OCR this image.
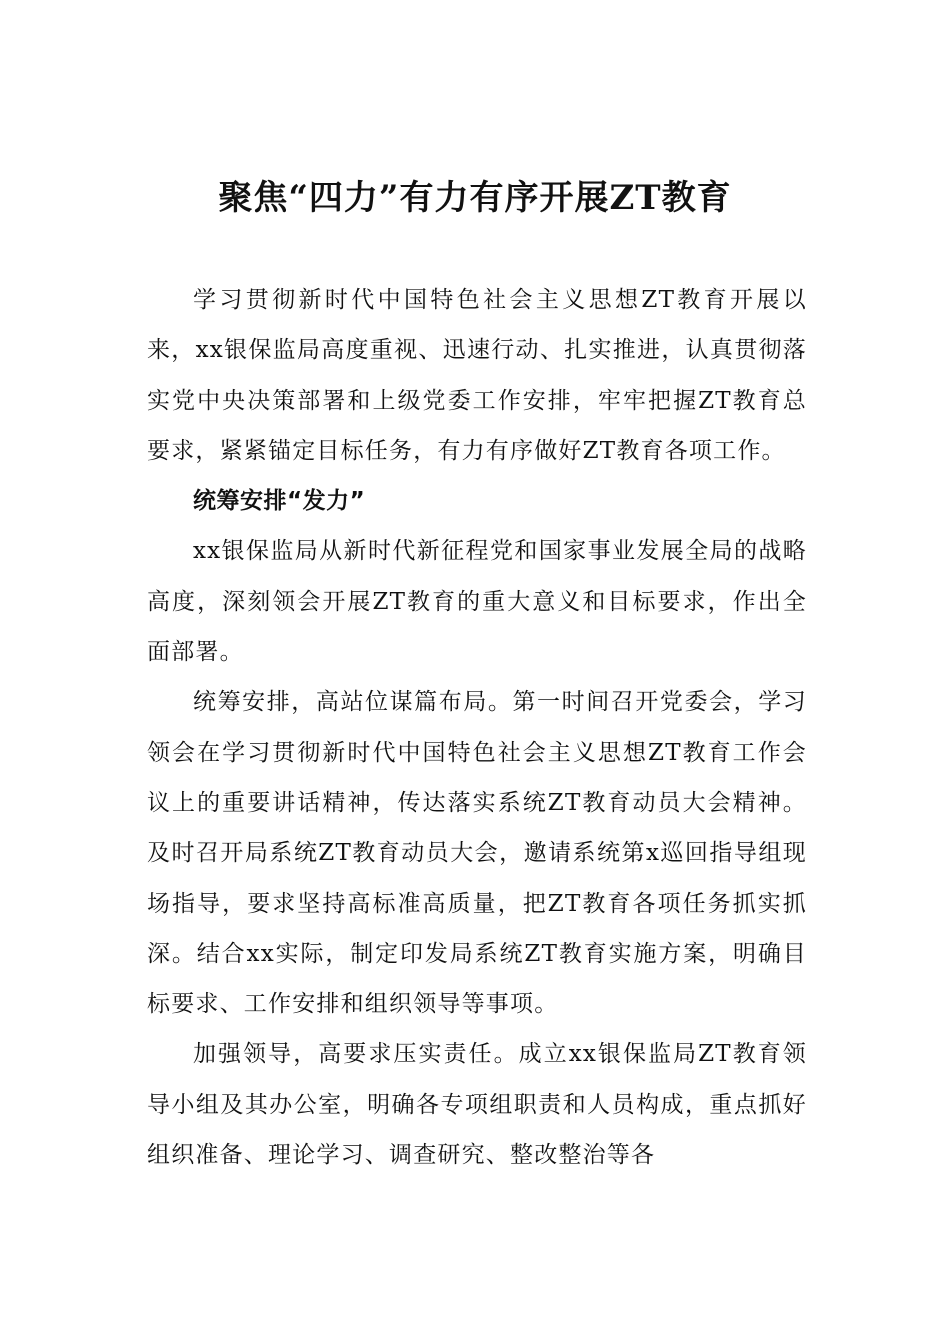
聚焦“四力”有力有序开展ZT教育

学习贯彻新时代中国特色社会主义思想ZT教育开展以来，xx银保监局高度重视、迅速行动、扎实推进，认真贯彻落实党中央决策部署和上级党委工作安排，牢牢把握ZT教育总要求，紧紧锚定目标任务，有力有序做好ZT教育各项工作。

统筹安排“发力”

xx银保监局从新时代新征程党和国家事业发展全局的战略高度，深刻领会开展ZT教育的重大意义和目标要求，作出全面部署。

统筹安排，高站位谋篇布局。第一时间召开党委会，学习领会在学习贯彻新时代中国特色社会主义思想ZT教育工作会议上的重要讲话精神，传达落实系统ZT教育动员大会精神。及时召开局系统ZT教育动员大会，邀请系统第x巡回指导组现场指导，要求坚持高标准高质量，把ZT教育各项任务抓实抓深。结合xx实际，制定印发局系统ZT教育实施方案，明确目标要求、工作安排和组织领导等事项。

加强领导，高要求压实责任。成立xx银保监局ZT教育领导小组及其办公室，明确各专项组职责和人员构成，重点抓好组织准备、理论学习、调查研究、整改整治等各
